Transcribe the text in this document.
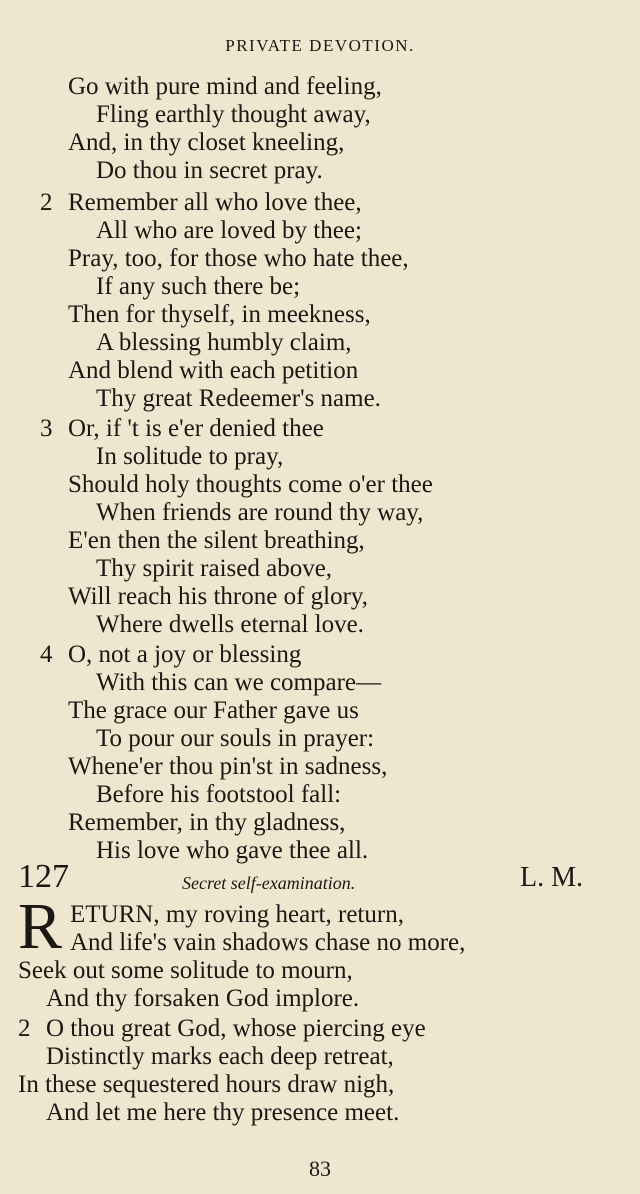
PRIVATE DEVOTION.
Go with pure mind and feeling,
Fling earthly thought away,
And, in thy closet kneeling,
Do thou in secret pray.
2 Remember all who love thee,
All who are loved by thee;
Pray, too, for those who hate thee,
If any such there be;
Then for thyself, in meekness,
A blessing humbly claim,
And blend with each petition
Thy great Redeemer's name.
3 Or, if 't is e'er denied thee
In solitude to pray,
Should holy thoughts come o'er thee
When friends are round thy way,
E'en then the silent breathing,
Thy spirit raised above,
Will reach his throne of glory,
Where dwells eternal love.
4 O, not a joy or blessing
With this can we compare—
The grace our Father gave us
To pour our souls in prayer:
Whene'er thou pin'st in sadness,
Before his footstool fall:
Remember, in thy gladness,
His love who gave thee all.
127	Secret self-examination.	L. M.
R ETURN, my roving heart, return,
And life's vain shadows chase no more,
Seek out some solitude to mourn,
And thy forsaken God implore.
2 O thou great God, whose piercing eye
Distinctly marks each deep retreat,
In these sequestered hours draw nigh,
And let me here thy presence meet.
83
